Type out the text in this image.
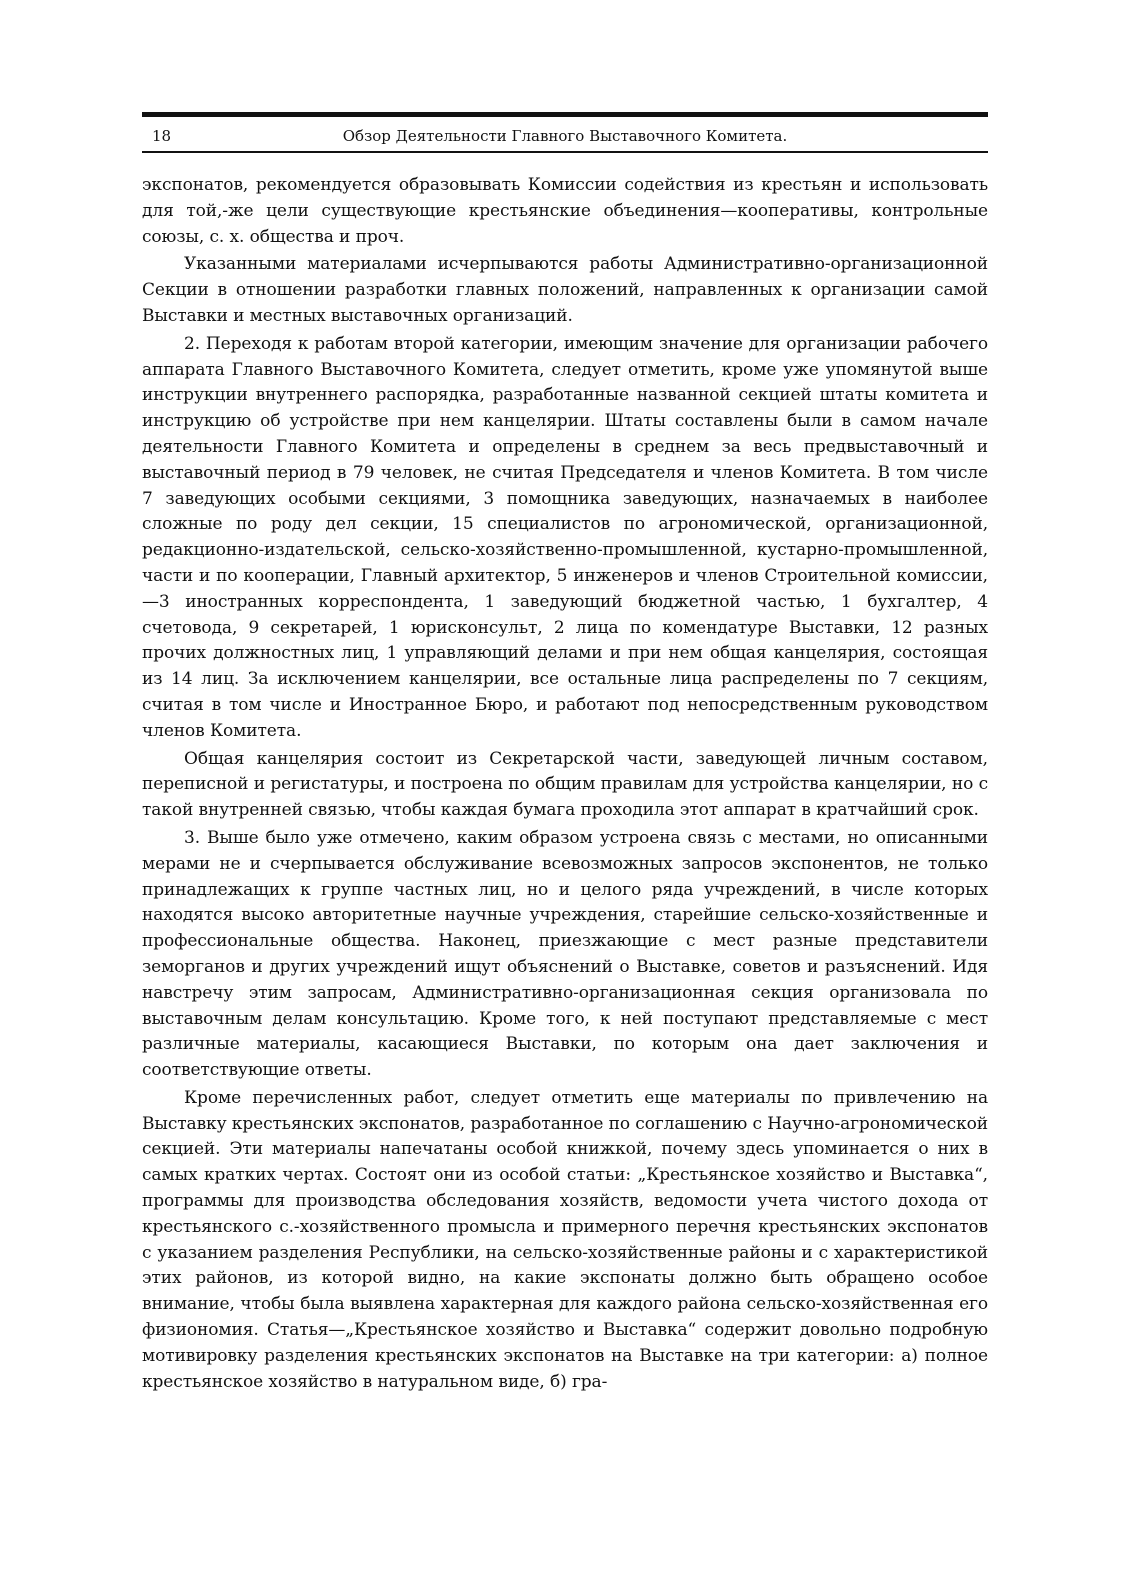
18	Обзор Деятельности Главного Выставочного Комитета.

экспонатов, рекомендуется образовывать Комиссии содействия из крестьян и использовать для той,-же цели существующие крестьянские объединения—кооперативы, контрольные союзы, с. х. общества и проч.

Указанными материалами исчерпываются работы Административно-организационной Секции в отношении разработки главных положений, направленных к организации самой Выставки и местных выставочных организаций.

2. Переходя к работам второй категории, имеющим значение для организации рабочего аппарата Главного Выставочного Комитета, следует отметить, кроме уже упомянутой выше инструкции внутреннего распорядка, разработанные названной секцией штаты комитета и инструкцию об устройстве при нем канцелярии. Штаты составлены были в самом начале деятельности Главного Комитета и определены в среднем за весь предвыставочный и выставочный период в 79 человек, не считая Председателя и членов Комитета. В том числе 7 заведующих особыми секциями, 3 помощника заведующих, назначаемых в наиболее сложные по роду дел секции, 15 специалистов по агрономической, организационной, редакционно-издательской, сельско-хозяйственно-промышленной, кустарно-промышленной, части и по кооперации, Главный архитектор, 5 инженеров и членов Строительной комиссии,—3 иностранных корреспондента, 1 заведующий бюджетной частью, 1 бухгалтер, 4 счетовода, 9 секретарей, 1 юрисконсульт, 2 лица по комендатуре Выставки, 12 разных прочих должностных лиц, 1 управляющий делами и при нем общая канцелярия, состоящая из 14 лиц. За исключением канцелярии, все остальные лица распределены по 7 секциям, считая в том числе и Иностранное Бюро, и работают под непосредственным руководством членов Комитета.

Общая канцелярия состоит из Секретарской части, заведующей личным составом, переписной и регистатуры, и построена по общим правилам для устройства канцелярии, но с такой внутренней связью, чтобы каждая бумага проходила этот аппарат в кратчайший срок.

3. Выше было уже отмечено, каким образом устроена связь с местами, но описанными мерами не и счерпывается обслуживание всевозможных запросов экспонентов, не только принадлежащих к группе частных лиц, но и целого ряда учреждений, в числе которых находятся высоко авторитетные научные учреждения, старейшие сельско-хозяйственные и профессиональные общества. Наконец, приезжающие с мест разные представители земорганов и других учреждений ищут объяснений о Выставке, советов и разъяснений. Идя навстречу этим запросам, Административно-организационная секция организовала по выставочным делам консультацию. Кроме того, к ней поступают представляемые с мест различные материалы, касающиеся Выставки, по которым она дает заключения и соответствующие ответы.

Кроме перечисленных работ, следует отметить еще материалы по привлечению на Выставку крестьянских экспонатов, разработанное по соглашению с Научно-агрономической секцией. Эти материалы напечатаны особой книжкой, почему здесь упоминается о них в самых кратких чертах. Состоят они из особой статьи: „Крестьянское хозяйство и Выставка“, программы для производства обследования хозяйств, ведомости учета чистого дохода от крестьянского с.-хозяйственного промысла и примерного перечня крестьянских экспонатов с указанием разделения Республики, на сельско-хозяйственные районы и с характеристикой этих районов, из которой видно, на какие экспонаты должно быть обращено особое внимание, чтобы была выявлена характерная для каждого района сельско-хозяйственная его физиономия. Статья—„Крестьянское хозяйство и Выставка“ содержит довольно подробную мотивировку разделения крестьянских экспонатов на Выставке на три категории: а) полное крестьянское хозяйство в натуральном виде, б) гра-
